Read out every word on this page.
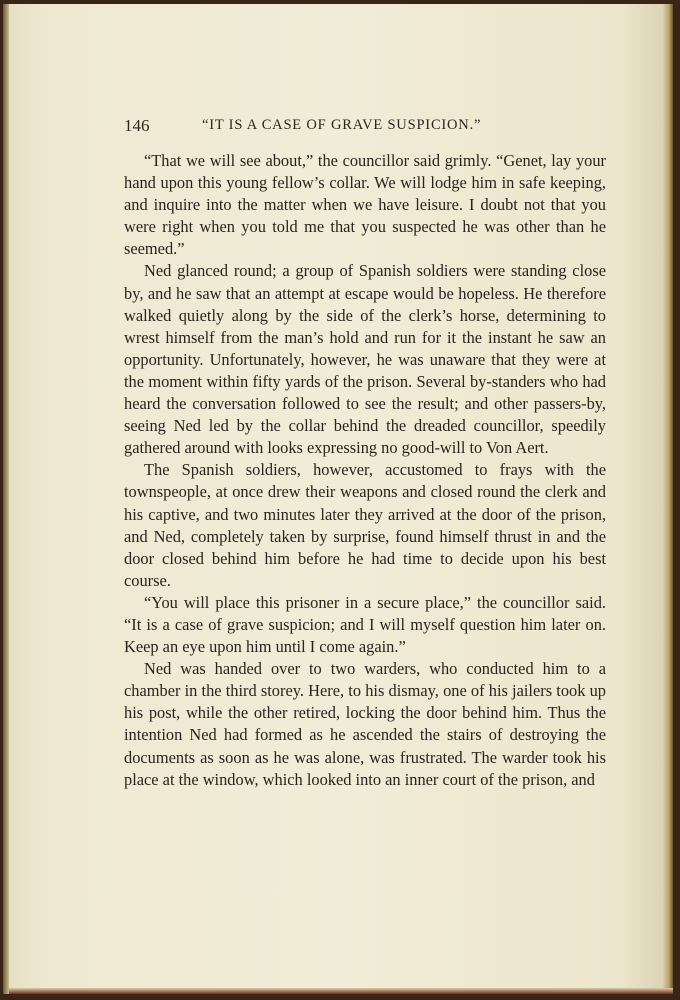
146	“IT IS A CASE OF GRAVE SUSPICION.”

“That we will see about,” the councillor said grimly. “Genet, lay your hand upon this young fellow’s collar. We will lodge him in safe keeping, and inquire into the matter when we have leisure. I doubt not that you were right when you told me that you suspected he was other than he seemed.”

Ned glanced round; a group of Spanish soldiers were standing close by, and he saw that an attempt at escape would be hopeless. He therefore walked quietly along by the side of the clerk’s horse, determining to wrest himself from the man’s hold and run for it the instant he saw an opportunity. Unfortunately, however, he was unaware that they were at the moment within fifty yards of the prison. Several by-standers who had heard the conversation followed to see the result; and other passers-by, seeing Ned led by the collar behind the dreaded councillor, speedily gathered around with looks expressing no good-will to Von Aert.

The Spanish soldiers, however, accustomed to frays with the townspeople, at once drew their weapons and closed round the clerk and his captive, and two minutes later they arrived at the door of the prison, and Ned, completely taken by surprise, found himself thrust in and the door closed behind him before he had time to decide upon his best course.

“You will place this prisoner in a secure place,” the councillor said. “It is a case of grave suspicion; and I will myself question him later on. Keep an eye upon him until I come again.”

Ned was handed over to two warders, who conducted him to a chamber in the third storey. Here, to his dismay, one of his jailers took up his post, while the other retired, locking the door behind him. Thus the intention Ned had formed as he ascended the stairs of destroying the documents as soon as he was alone, was frustrated. The warder took his place at the window, which looked into an inner court of the prison, and
